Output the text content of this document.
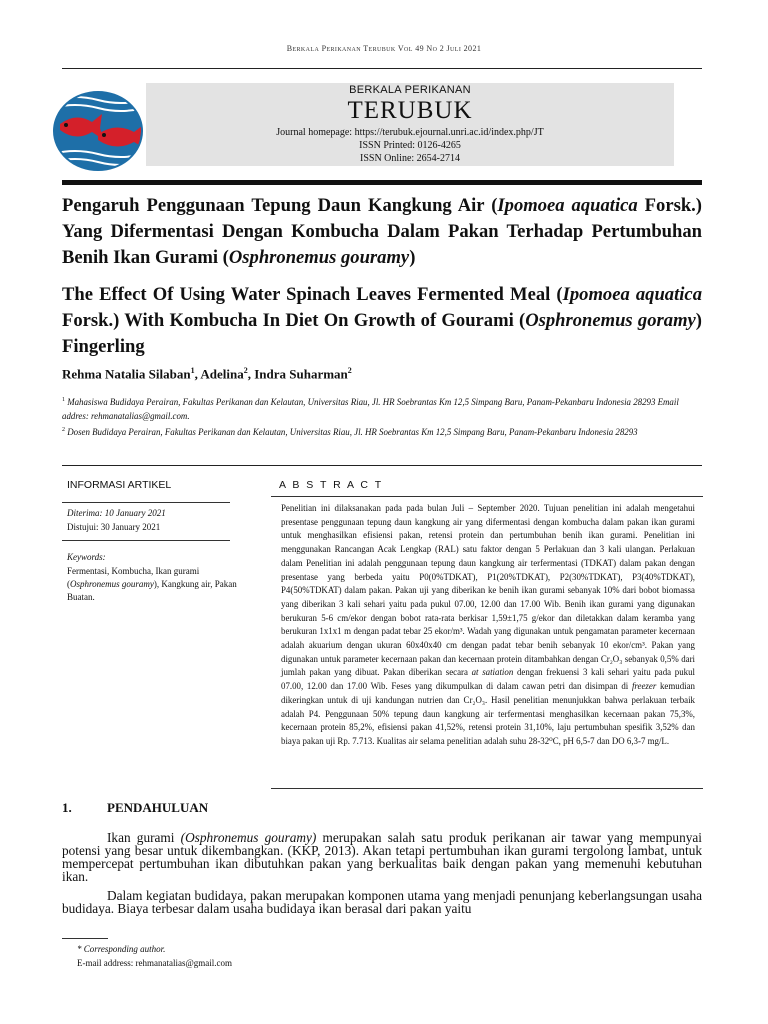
Berkala Perikanan Terubuk Vol 49 No 2 Juli 2021
BERKALA PERIKANAN
TERUBUK
Journal homepage: https://terubuk.ejournal.unri.ac.id/index.php/JT
ISSN Printed: 0126-4265
ISSN Online: 2654-2714
Pengaruh Penggunaan Tepung Daun Kangkung Air (Ipomoea aquatica Forsk.) Yang Difermentasi Dengan Kombucha Dalam Pakan Terhadap Pertumbuhan Benih Ikan Gurami (Osphronemus gouramy)
The Effect Of Using Water Spinach Leaves Fermented Meal (Ipomoea aquatica Forsk.) With Kombucha In Diet On Growth of Gourami (Osphronemus goramy) Fingerling
Rehma Natalia Silaban$^1$, Adelina$^2$, Indra Suharman$^2$
$^1$ Mahasiswa Budidaya Perairan, Fakultas Perikanan dan Kelautan, Universitas Riau, Jl. HR Soebrantas Km 12,5 Simpang Baru, Panam-Pekanbaru Indonesia 28293 Email addres: rehmanatalias@gmail.com.
$^2$ Dosen Budidaya Perairan, Fakultas Perikanan dan Kelautan, Universitas Riau, Jl. HR Soebrantas Km 12,5 Simpang Baru, Panam-Pekanbaru Indonesia 28293
INFORMASI ARTIKEL
Diterima: 10 January 2021
Distujui: 30 January 2021
Keywords:
Fermentasi, Kombucha, Ikan gurami (Osphronemus gouramy), Kangkung air, Pakan Buatan.
A B S T R A C T
Penelitian ini dilaksanakan pada pada bulan Juli – September 2020. Tujuan penelitian ini adalah mengetahui presentase penggunaan tepung daun kangkung air yang difermentasi dengan kombucha dalam pakan ikan gurami untuk menghasilkan efisiensi pakan, retensi protein dan pertumbuhan benih ikan gurami. Penelitian ini menggunakan Rancangan Acak Lengkap (RAL) satu faktor dengan 5 Perlakuan dan 3 kali ulangan. Perlakuan dalam Penelitian ini adalah penggunaan tepung daun kangkung air terfermentasi (TDKAT) dalam pakan dengan presentase yang berbeda yaitu P0(0%TDKAT), P1(20%TDKAT), P2(30%TDKAT), P3(40%TDKAT), P4(50%TDKAT) dalam pakan. Pakan uji yang diberikan ke benih ikan gurami sebanyak 10% dari bobot biomassa yang diberikan 3 kali sehari yaitu pada pukul 07.00, 12.00 dan 17.00 Wib. Benih ikan gurami yang digunakan berukuran 5-6 cm/ekor dengan bobot rata-rata berkisar 1,59±1,75 g/ekor dan diletakkan dalam keramba yang berukuran 1x1x1 m dengan padat tebar 25 ekor/m³. Wadah yang digunakan untuk pengamatan parameter kecernaan adalah akuarium dengan ukuran 60x40x40 cm dengan padat tebar benih sebanyak 10 ekor/cm³. Pakan yang digunakan untuk parameter kecernaan pakan dan kecernaan protein ditambahkan dengan Cr₂O₃ sebanyak 0,5% dari jumlah pakan yang dibuat. Pakan diberikan secara at satiation dengan frekuensi 3 kali sehari yaitu pada pukul 07.00, 12.00 dan 17.00 Wib. Feses yang dikumpulkan di dalam cawan petri dan disimpan di freezer kemudian dikeringkan untuk di uji kandungan nutrien dan Cr₂O₃. Hasil penelitian menunjukkan bahwa perlakuan terbaik adalah P4. Penggunaan 50% tepung daun kangkung air terfermentasi menghasilkan kecernaan pakan 75,3%, kecernaan protein 85,2%, efisiensi pakan 41,52%, retensi protein 31,10%, laju pertumbuhan spesifik 3,52% dan biaya pakan uji Rp. 7.713. Kualitas air selama penelitian adalah suhu 28-32⁰C, pH 6,5-7 dan DO 6,3-7 mg/L.
1.	PENDAHULUAN
Ikan gurami (Osphronemus gouramy) merupakan salah satu produk perikanan air tawar yang mempunyai potensi yang besar untuk dikembangkan. (KKP, 2013). Akan tetapi pertumbuhan ikan gurami tergolong lambat, untuk mempercepat pertumbuhan ikan dibutuhkan pakan yang berkualitas baik dengan pakan yang memenuhi kebutuhan ikan.
Dalam kegiatan budidaya, pakan merupakan komponen utama yang menjadi penunjang keberlangsungan usaha budidaya. Biaya terbesar dalam usaha budidaya ikan berasal dari pakan yaitu
* Corresponding author.
E-mail address: rehmanatalias@gmail.com
